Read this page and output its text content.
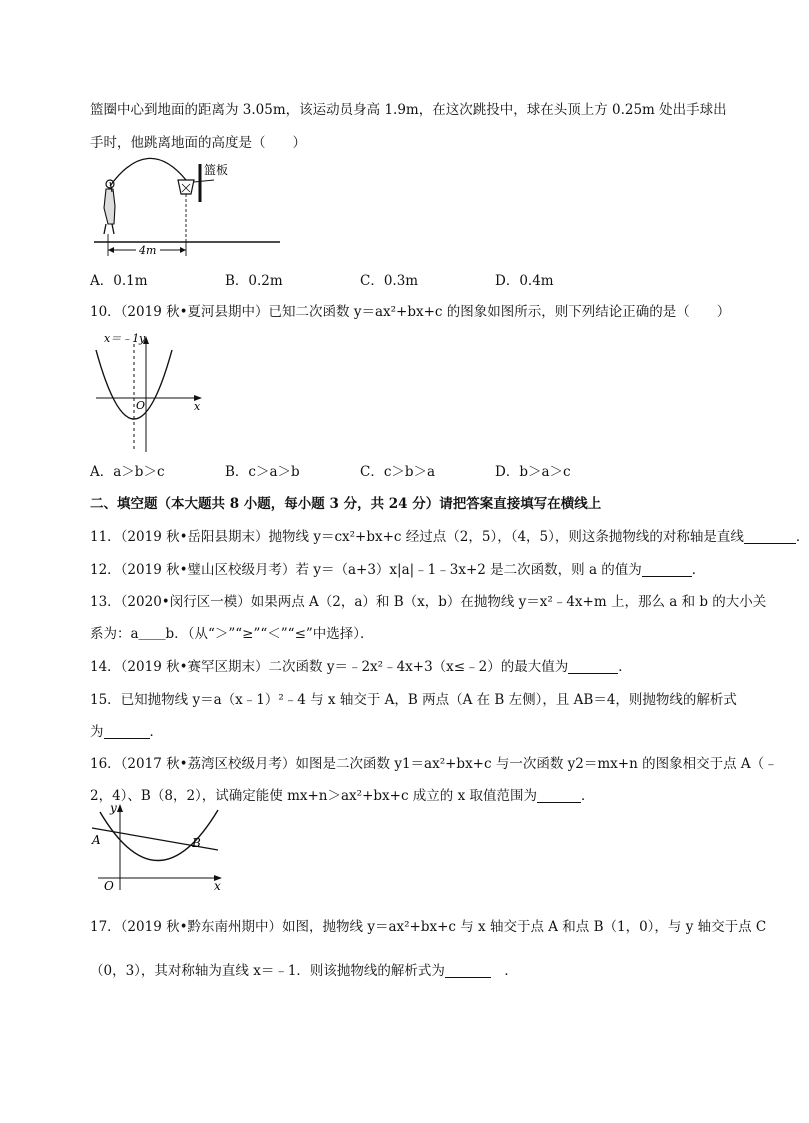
篮圈中心到地面的距离为 3.05m，该运动员身高 1.9m，在这次跳投中，球在头顶上方 0.25m 处出手球出
手时，他跳离地面的高度是（　　）
篮板
4m
A．0.1m	B．0.2m	C．0.3m	D．0.4m
10．（2019 秋•夏河县期中）已知二次函数 y＝ax²+bx+c 的图象如图所示，则下列结论正确的是（　　）
x＝﹣1 y
x
O
A．a＞b＞c	B．c＞a＞b	C．c＞b＞a	D．b＞a＞c
二、填空题（本大题共 8 小题，每小题 3 分，共 24 分）请把答案直接填写在横线上
11．（2019 秋•岳阳县期末）抛物线 y＝cx²+bx+c 经过点（2，5），（4，5），则这条抛物线的对称轴是直线	．
12．（2019 秋•璧山区校级月考）若 y＝（a+3）x|a|﹣1﹣3x+2 是二次函数，则 a 的值为	．
13．（2020•闵行区一模）如果两点 A（2，a）和 B（x，b）在抛物线 y＝x²﹣4x+m 上，那么 a 和 b 的大小关
系为：a＿＿b．（从“＞”“≥”“＜”“≤”中选择）．
14．（2019 秋•赛罕区期末）二次函数 y＝﹣2x²﹣4x+3（x≤﹣2）的最大值为	．
15．已知抛物线 y＝a（x﹣1）²﹣4 与 x 轴交于 A，B 两点（A 在 B 左侧），且 AB＝4，则抛物线的解析式
为	．
16．（2017 秋•荔湾区校级月考）如图是二次函数 y1＝ax²+bx+c 与一次函数 y2＝mx+n 的图象相交于点 A（﹣
2，4）、B（8，2），试确定能使 mx+n＞ax²+bx+c 成立的 x 取值范围为	．
y
x
O
A	B
17．（2019 秋•黔东南州期中）如图，抛物线 y＝ax²+bx+c 与 x 轴交于点 A 和点 B（1，0），与 y 轴交于点 C
（0，3），其对称轴为直线 x＝﹣1．则该抛物线的解析式为	　．
